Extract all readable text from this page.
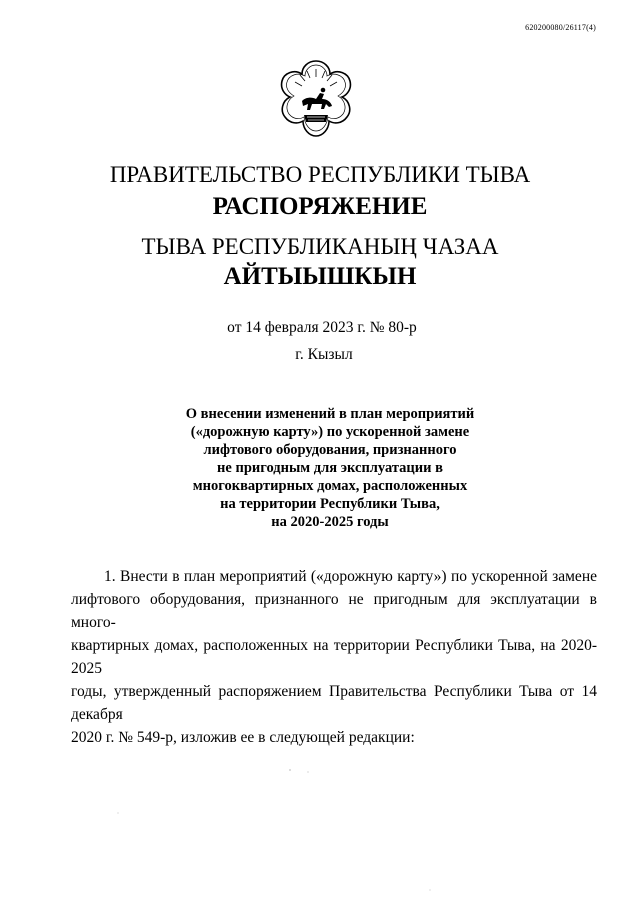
620200080/26117(4)
ПРАВИТЕЛЬСТВО РЕСПУБЛИКИ ТЫВА
РАСПОРЯЖЕНИЕ
ТЫВА РЕСПУБЛИКАНЫҢ ЧАЗАА
АЙТЫЫШКЫН
от 14 февраля 2023 г. № 80-р
г. Кызыл
О внесении изменений в план мероприятий
(«дорожную карту») по ускоренной замене
лифтового оборудования, признанного
не пригодным для эксплуатации в
многоквартирных домах, расположенных
на территории Республики Тыва,
на 2020-2025 годы
1. Внести в план мероприятий («дорожную карту») по ускоренной замене
лифтового оборудования, признанного не пригодным для эксплуатации в много-
квартирных домах, расположенных на территории Республики Тыва, на 2020-2025
годы, утвержденный распоряжением Правительства Республики Тыва от 14 декабря
2020 г. № 549-р, изложив ее в следующей редакции:
